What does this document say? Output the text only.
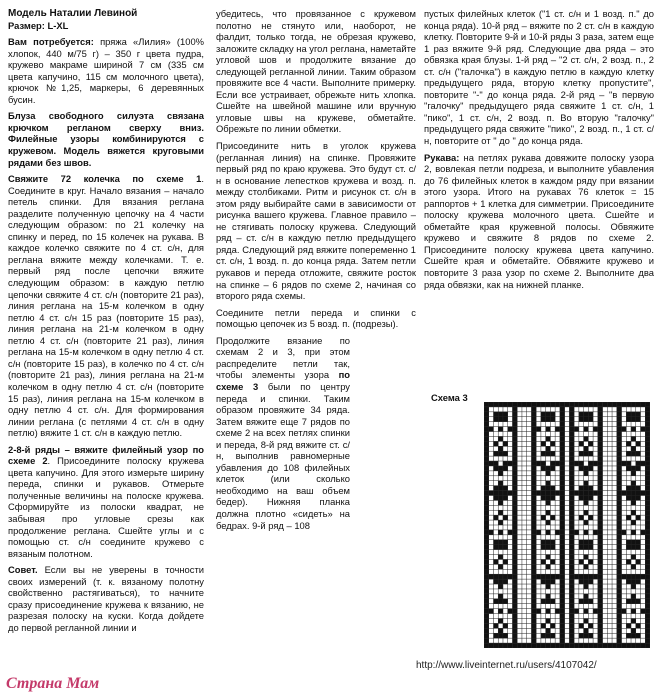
Модель Наталии Левиной

Размер: L-XL

Вам потребуется: пряжа «Лилия» (100% хлопок, 440 м/75 г) – 350 г цвета пудра, кружево макраме шириной 7 см (335 см цвета капучино, 115 см молочного цвета), крючок №1,25, маркеры, 6 деревянных бусин.

Блуза свободного силуэта связана крючком регланом сверху вниз. Филейные узоры комбинируются с кружевом. Модель вяжется круговыми рядами без швов.

Свяжите 72 колечка по схеме 1. Соедините в круг. Начало вязания – начало петель спинки. Для вязания реглана разделите полученную цепочку на 4 части следующим образом: по 21 колечку на спинку и перед, по 15 колечек на рукава. В каждое колечко свяжите по 4 ст. с/н, для реглана вяжите между колечками. Т. е. первый ряд после цепочки вяжите следующим образом: в каждую петлю цепочки свяжите 4 ст. с/н (повторите 21 раз), линия реглана на 15-м колечком в одну петлю 4 ст. с/н 15 раз (повторите 15 раз), линия реглана на 21-м колечком в одну петлю 4 ст. с/н (повторите 21 раз), линия реглана на 15-м колечком в одну петлю 4 ст. с/н (повторите 15 раз), в колечко по 4 ст. с/н (повторите 21 раз), линия реглана на 21-м колечком в одну петлю 4 ст. с/н (повторите 15 раз), линия реглана на 15-м колечком в одну петлю 4 ст. с/н. Для формирования линии реглана (с петлями 4 ст. с/н в одну петлю) вяжите 1 ст. с/н в каждую петлю.

2-8-й ряды – вяжите филейный узор по схеме 2. Присоедините полоску кружева цвета капучино. Для этого измерьте ширину переда, спинки и рукавов. Отмерьте полученные величины на полоске кружева. Сформируйте из полоски квадрат, не забывая про угловые срезы как продолжение реглана. Сшейте углы и с помощью ст. с/н соедините кружево с вязаным полотном.

Совет. Если вы не уверены в точности своих измерений (т. к. вязаному полотну свойственно растягиваться), то начните сразу присоединение кружева к вязанию, не разрезая полоску на куски. Когда дойдете до первой регланной линии и

убедитесь, что провязанное с кружевом полотно не стянуто или, наоборот, не фалдит, только тогда, не обрезая кружево, заложите складку на угол реглана, наметайте угловой шов и продолжите вязание до следующей регланной линии. Таким образом провяжите все 4 части. Выполните примерку. Если все устраивает, обрежьте нить хлопка. Сшейте на швейной машине или вручную угловые швы на кружеве, обметайте. Обрежьте по линии обметки.

Присоедините нить в уголок кружева (регланная линия) на спинке. Провяжите первый ряд по краю кружева. Это будут ст. с/н в основание лепестков кружева и возд. п. между столбиками. Ритм и рисунок ст. с/н в этом ряду выбирайте сами в зависимости от рисунка вашего кружева. Главное правило – не стягивать полоску кружева. Следующий ряд – ст. с/н в каждую петлю предыдущего ряда. Следующий ряд вяжите попеременно 1 ст. с/н, 1 возд. п. до конца ряда. Затем петли рукавов и переда отложите, свяжите росток на спинке – 6 рядов по схеме 2, начиная со второго ряда схемы.

Соедините петли переда и спинки с помощью цепочек из 5 возд. п. (подрезы).

Продолжите вязание по схемам 2 и 3, при этом распределите петли так, чтобы элементы узора по схеме 3 были по центру переда и спинки. Таким образом провяжите 34 ряда. Затем вяжите еще 7 рядов по схеме 2 на всех петлях спинки и переда, 8-й ряд вяжите ст. с/н, выполнив равномерные убавления до 108 филейных клеток (или сколько необходимо на ваш объем бедер). Нижняя планка должна плотно «сидеть» на бедрах. 9-й ряд – 108

пустых филейных клеток ("1 ст. с/н и 1 возд. п." до конца ряда). 10-й ряд – вяжите по 2 ст. с/н в каждую клетку. Повторите 9-й и 10-й ряды 3 раза, затем еще 1 раз вяжите 9-й ряд. Следующие два ряда – это обвязка края блузы. 1-й ряд – "2 ст. с/н, 2 возд. п., 2 ст. с/н ("галочка") в каждую петлю в каждую клетку предыдущего ряда, вторую клетку пропустите", повторите "-" до конца ряда. 2-й ряд – "в первую "галочку" предыдущего ряда свяжите 1 ст. с/н, 1 "пико", 1 ст. с/н, 2 возд. п. Во вторую "галочку" предыдущего ряда свяжите "пико", 2 возд. п., 1 ст. с/н, повторите от " до " до конца ряда.

Рукава: на петлях рукава довяжите полоску узора 2, вовлекая петли подреза, и выполните убавления до 76 филейных клеток в каждом ряду при вязании этого узора. Итого на рукавах 76 клеток = 15 раппортов + 1 клетка для симметрии. Присоедините полоску кружева молочного цвета. Сшейте и обметайте края кружевной полосы. Обвяжите кружево и свяжите 8 рядов по схеме 2. Присоедините полоску кружева цвета капучино. Сшейте края и обметайте. Обвяжите кружево и повторите 3 раза узор по схеме 2. Выполните два ряда обвязки, как на нижней планке.

Схема 3
http://www.liveinternet.ru/users/4107042/
Страна Мам
